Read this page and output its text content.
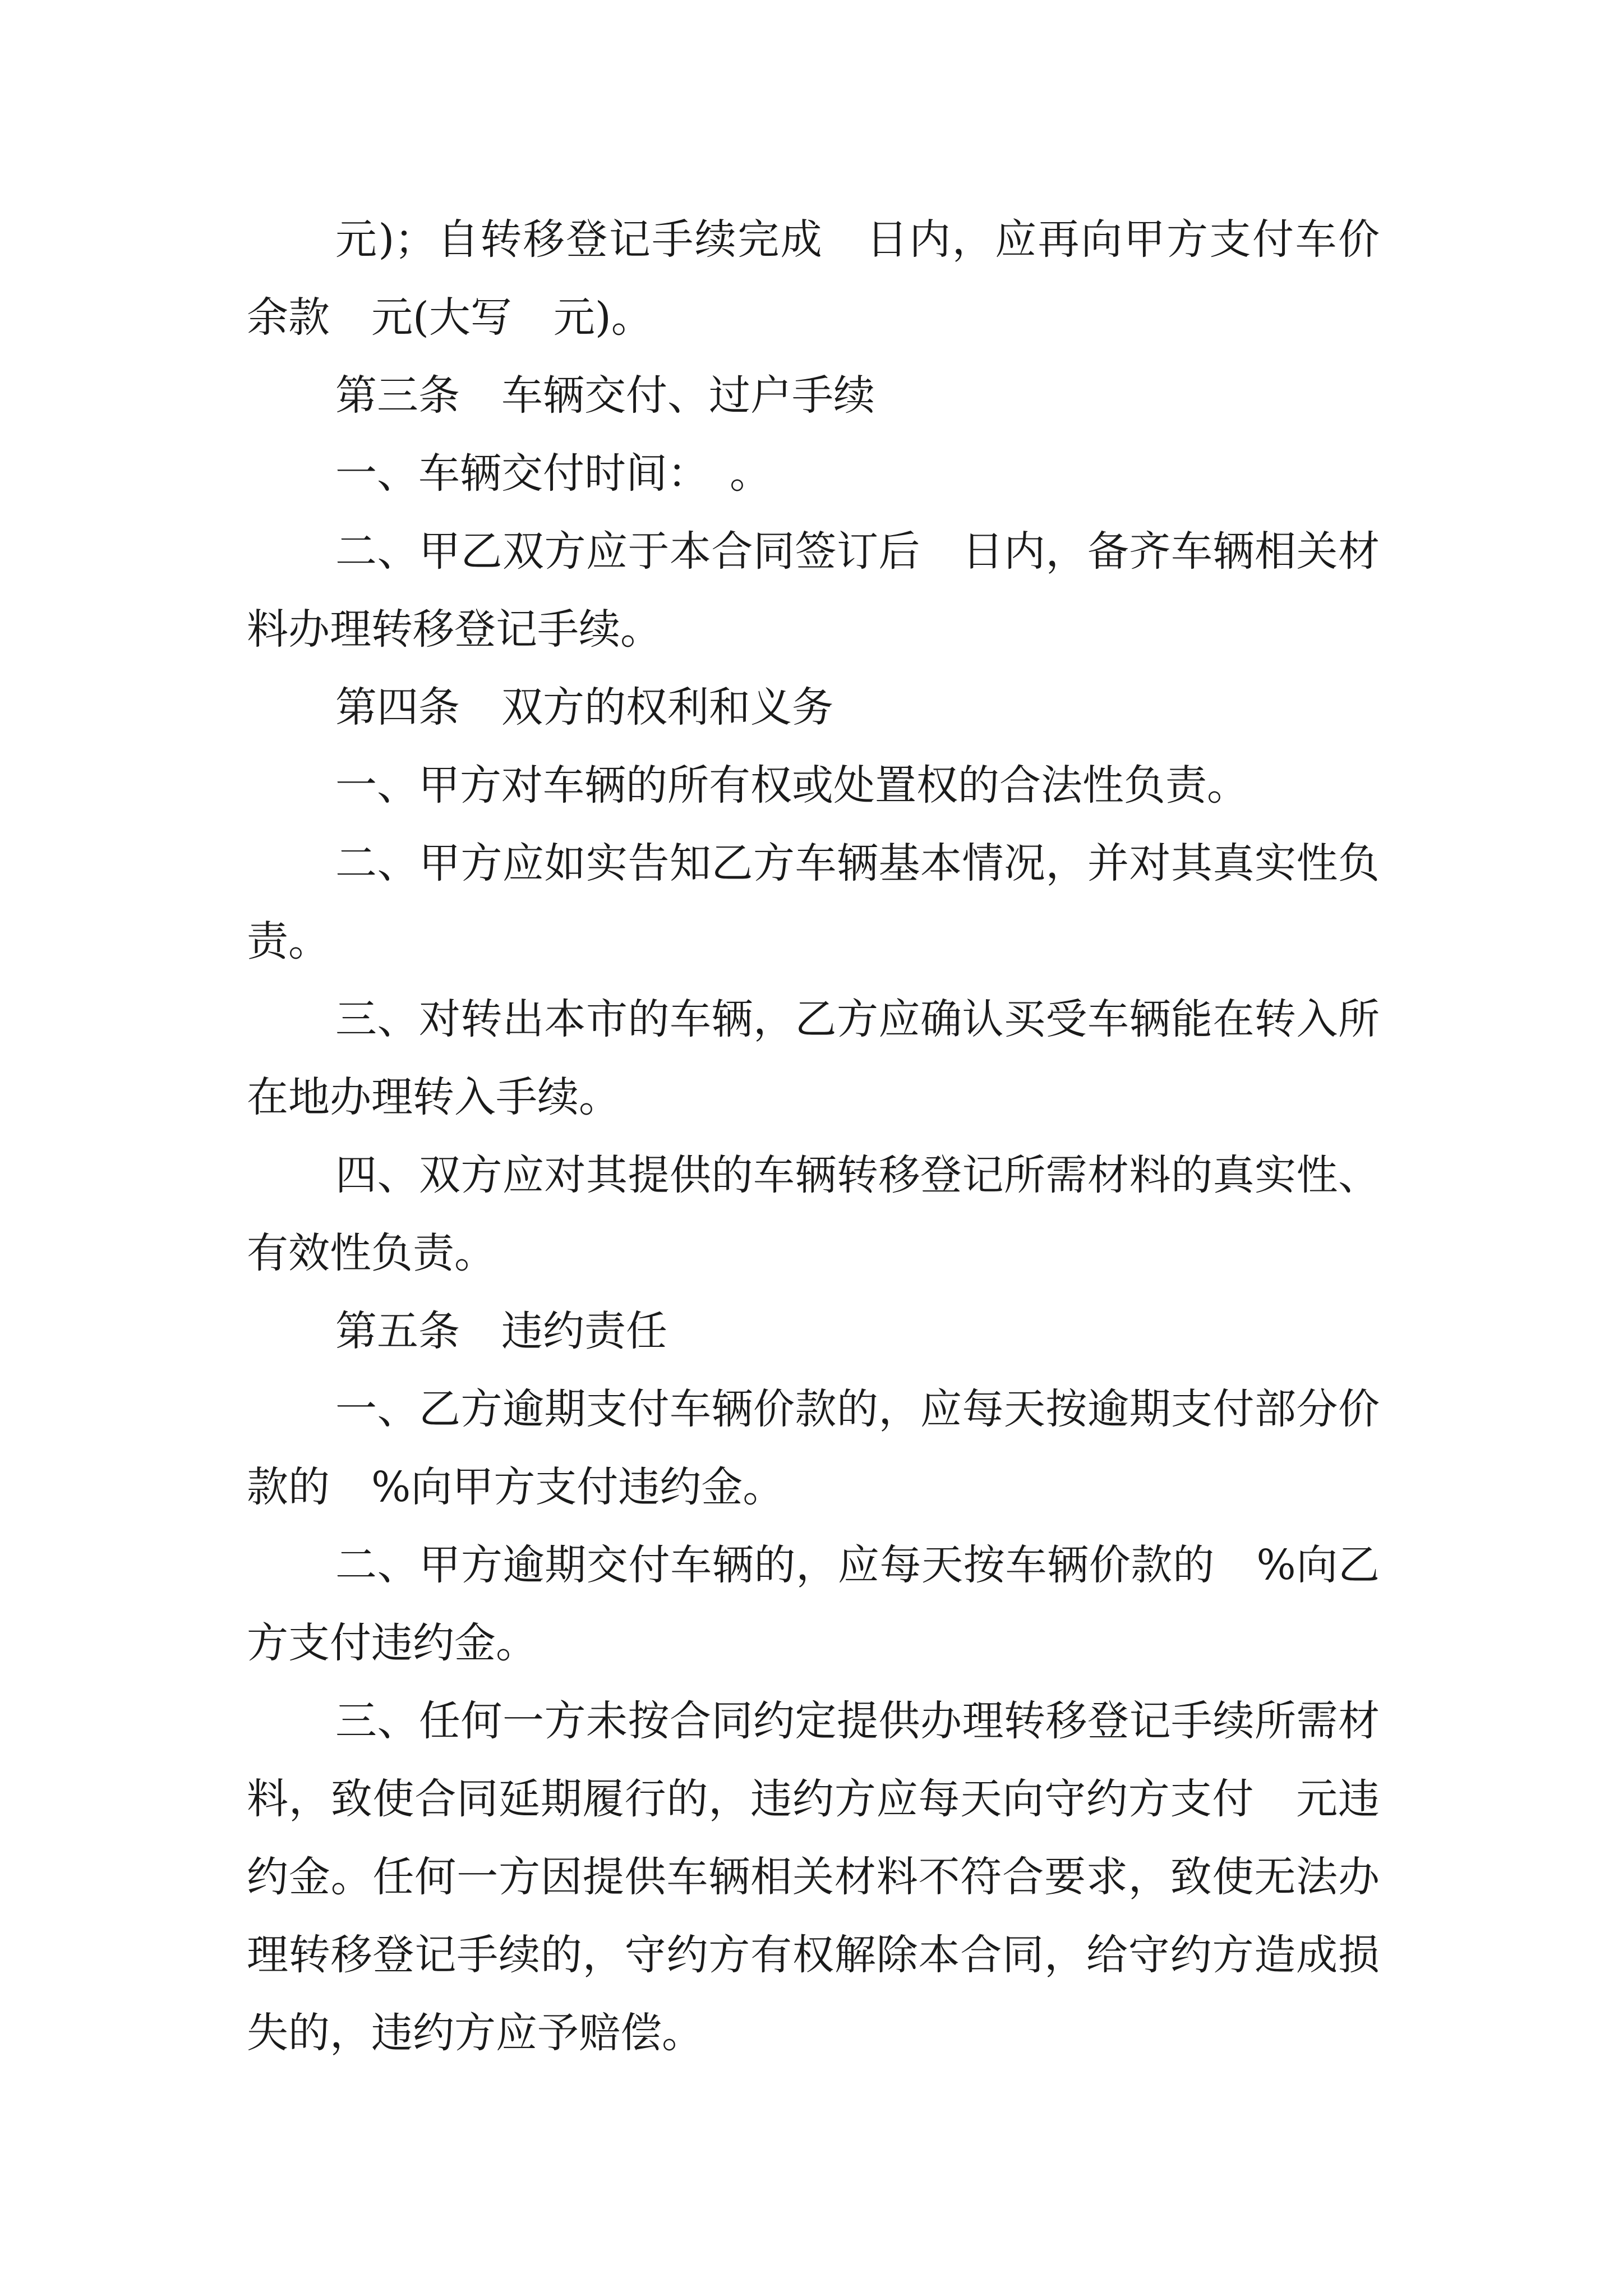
元)；自转移登记手续完成　日内，应再向甲方支付车价余款　元(大写　元)。

第三条　车辆交付、过户手续

一、车辆交付时间：　。

二、甲乙双方应于本合同签订后　日内，备齐车辆相关材料办理转移登记手续。

第四条　双方的权利和义务

一、甲方对车辆的所有权或处置权的合法性负责。

二、甲方应如实告知乙方车辆基本情况，并对其真实性负责。

三、对转出本市的车辆，乙方应确认买受车辆能在转入所在地办理转入手续。

四、双方应对其提供的车辆转移登记所需材料的真实性、有效性负责。

第五条　违约责任

一、乙方逾期支付车辆价款的，应每天按逾期支付部分价款的　%向甲方支付违约金。

二、甲方逾期交付车辆的，应每天按车辆价款的　%向乙方支付违约金。

三、任何一方未按合同约定提供办理转移登记手续所需材料，致使合同延期履行的，违约方应每天向守约方支付　元违约金。任何一方因提供车辆相关材料不符合要求，致使无法办理转移登记手续的，守约方有权解除本合同，给守约方造成损失的，违约方应予赔偿。
